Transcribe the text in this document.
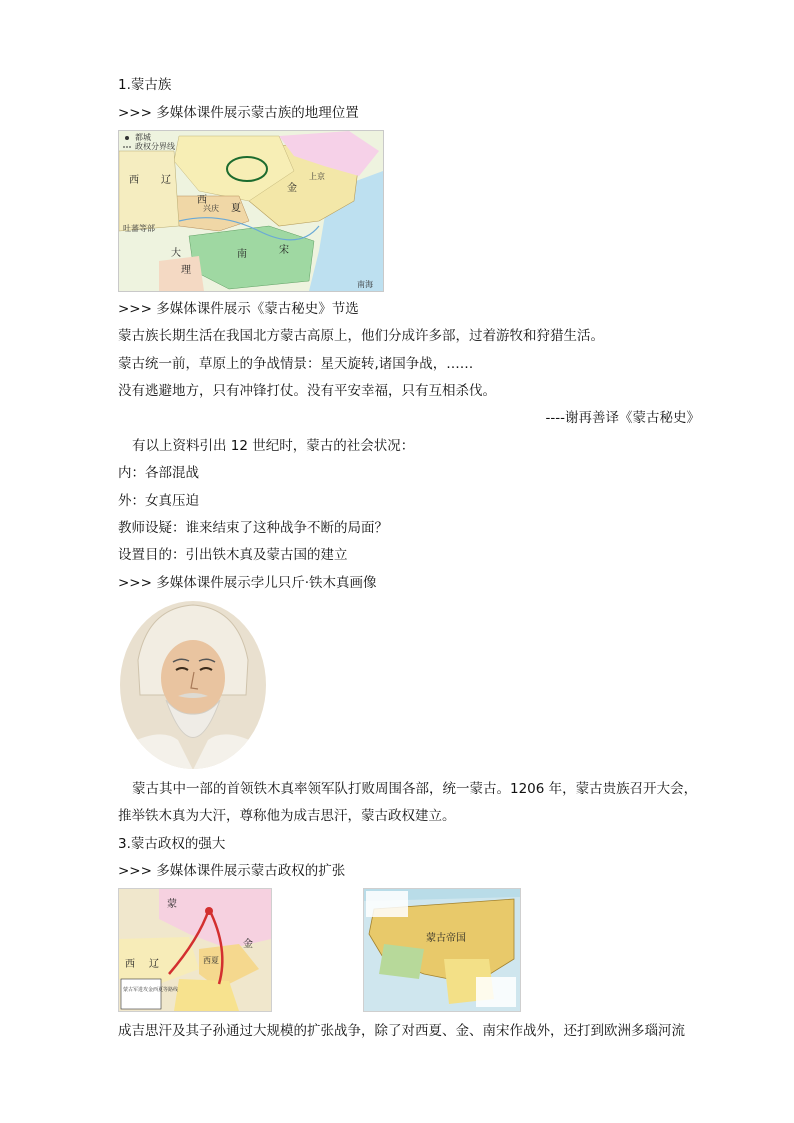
1.蒙古族
>>> 多媒体课件展示蒙古族的地理位置
都城
政权分界线
西 辽
西
夏
金
南	宋
大
理
上京
兴庆
吐蕃等部
南海
>>> 多媒体课件展示《蒙古秘史》节选
蒙古族长期生活在我国北方蒙古高原上，他们分成许多部，过着游牧和狩猎生活。
蒙古统一前，草原上的争战情景：星天旋转,诸国争战，……
没有逃避地方，只有冲锋打仗。没有平安幸福，只有互相杀伐。
----谢再善译《蒙古秘史》
有以上资料引出 12 世纪时，蒙古的社会状况：
内：各部混战
外：女真压迫
教师设疑：谁来结束了这种战争不断的局面？
设置目的：引出铁木真及蒙古国的建立
>>> 多媒体课件展示孛儿只斤·铁木真画像
蒙古其中一部的首领铁木真率领军队打败周围各部，统一蒙古。1206 年，蒙古贵族召开大会，
推举铁木真为大汗，尊称他为成吉思汗，蒙古政权建立。
3.蒙古政权的强大
>>> 多媒体课件展示蒙古政权的扩张
蒙
金
西夏
西 辽
蒙古军进攻金西夏等路线
蒙古帝国
成吉思汗及其子孙通过大规模的扩张战争，除了对西夏、金、南宋作战外，还打到欧洲多瑙河流
